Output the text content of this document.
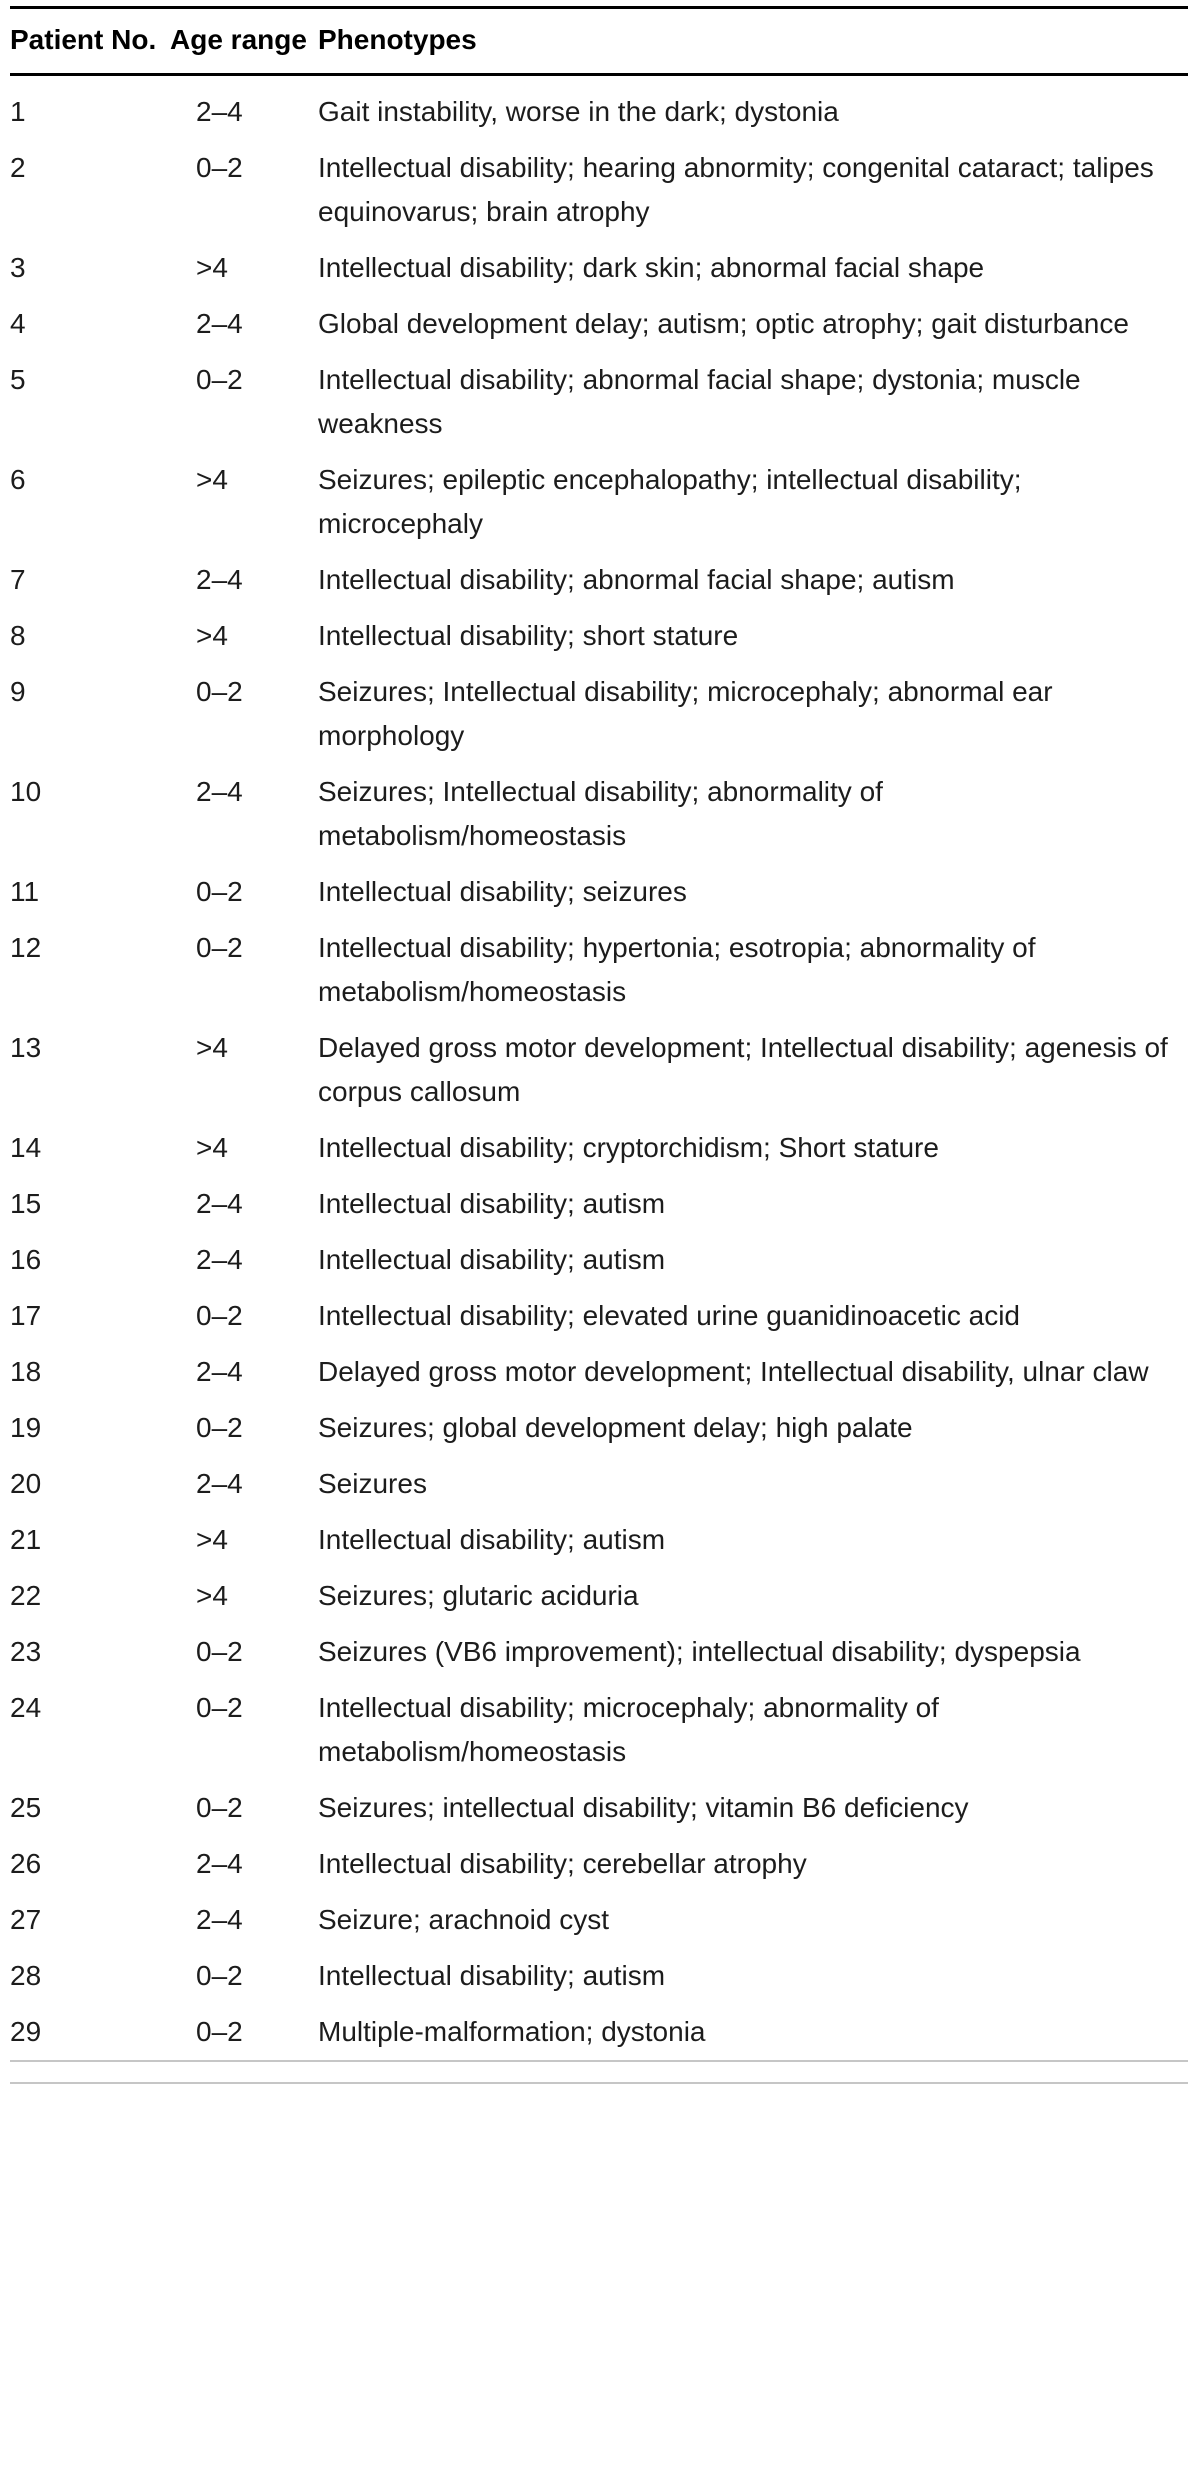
Patient No.	Age range	Phenotypes
1	2–4	Gait instability, worse in the dark; dystonia
2	0–2	Intellectual disability; hearing abnormity; congenital cataract; talipes equinovarus; brain atrophy
3	>4	Intellectual disability; dark skin; abnormal facial shape
4	2–4	Global development delay; autism; optic atrophy; gait disturbance
5	0–2	Intellectual disability; abnormal facial shape; dystonia; muscle weakness
6	>4	Seizures; epileptic encephalopathy; intellectual disability; microcephaly
7	2–4	Intellectual disability; abnormal facial shape; autism
8	>4	Intellectual disability; short stature
9	0–2	Seizures; Intellectual disability; microcephaly; abnormal ear morphology
10	2–4	Seizures; Intellectual disability; abnormality of metabolism/homeostasis
11	0–2	Intellectual disability; seizures
12	0–2	Intellectual disability; hypertonia; esotropia; abnormality of metabolism/homeostasis
13	>4	Delayed gross motor development; Intellectual disability; agenesis of corpus callosum
14	>4	Intellectual disability; cryptorchidism; Short stature
15	2–4	Intellectual disability; autism
16	2–4	Intellectual disability; autism
17	0–2	Intellectual disability; elevated urine guanidinoacetic acid
18	2–4	Delayed gross motor development; Intellectual disability, ulnar claw
19	0–2	Seizures; global development delay; high palate
20	2–4	Seizures
21	>4	Intellectual disability; autism
22	>4	Seizures; glutaric aciduria
23	0–2	Seizures (VB6 improvement); intellectual disability; dyspepsia
24	0–2	Intellectual disability; microcephaly; abnormality of metabolism/homeostasis
25	0–2	Seizures; intellectual disability; vitamin B6 deficiency
26	2–4	Intellectual disability; cerebellar atrophy
27	2–4	Seizure; arachnoid cyst
28	0–2	Intellectual disability; autism
29	0–2	Multiple-malformation; dystonia
